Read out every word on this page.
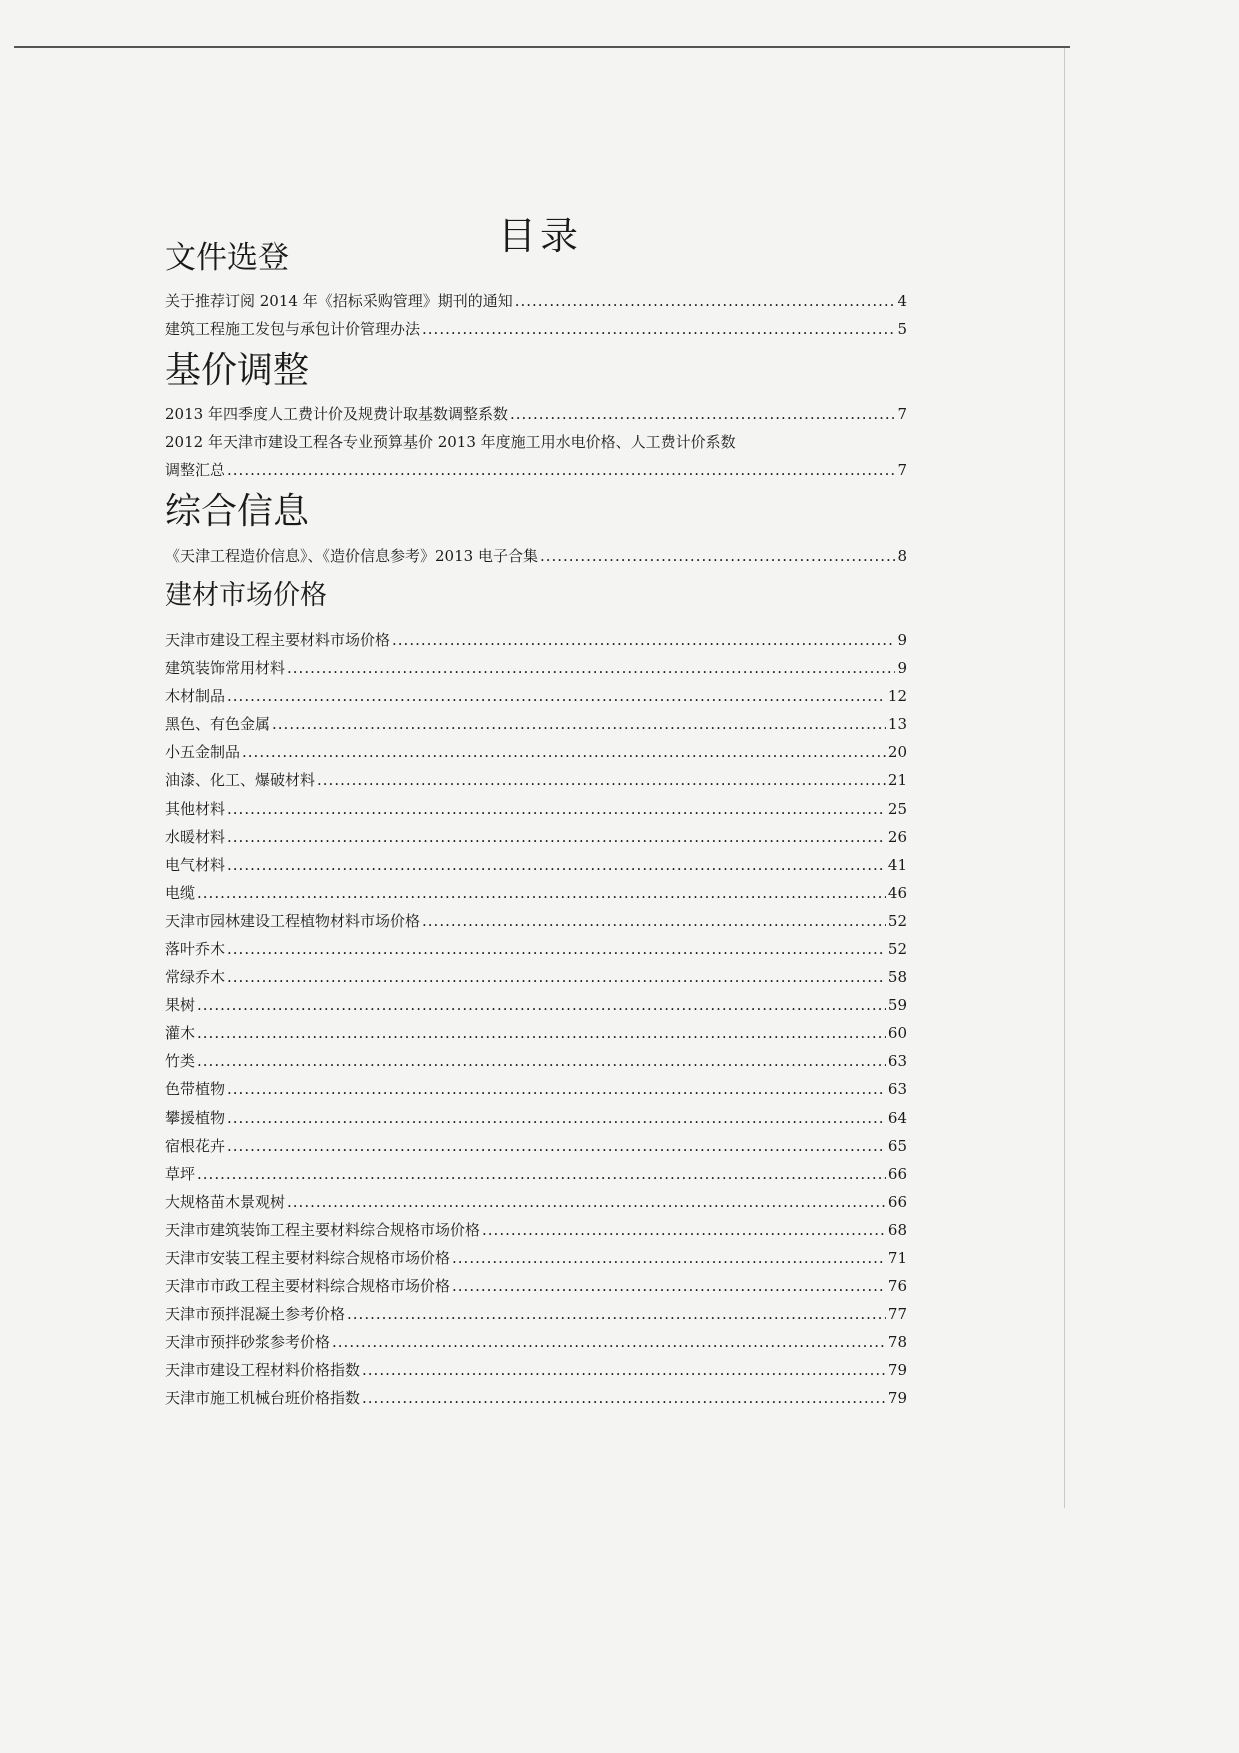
目录
文件选登
关于推荐订阅 2014 年《招标采购管理》期刊的通知 .....	4
建筑工程施工发包与承包计价管理办法 .....	5
基价调整
2013 年四季度人工费计价及规费计取基数调整系数 .....	7
2012 年天津市建设工程各专业预算基价 2013 年度施工用水电价格、人工费计价系数
调整汇总 .....	7
综合信息
《天津工程造价信息》、《造价信息参考》2013 电子合集 .....	8
建材市场价格
天津市建设工程主要材料市场价格 .....	9
建筑装饰常用材料 .....	9
木材制品 .....	12
黑色、有色金属 .....	13
小五金制品 .....	20
油漆、化工、爆破材料 .....	21
其他材料 .....	25
水暖材料 .....	26
电气材料 .....	41
电缆 .....	46
天津市园林建设工程植物材料市场价格 .....	52
落叶乔木 .....	52
常绿乔木 .....	58
果树 .....	59
灌木 .....	60
竹类 .....	63
色带植物 .....	63
攀援植物 .....	64
宿根花卉 .....	65
草坪 .....	66
大规格苗木景观树 .....	66
天津市建筑装饰工程主要材料综合规格市场价格 .....	68
天津市安装工程主要材料综合规格市场价格 .....	71
天津市市政工程主要材料综合规格市场价格 .....	76
天津市预拌混凝土参考价格 .....	77
天津市预拌砂浆参考价格 .....	78
天津市建设工程材料价格指数 .....	79
天津市施工机械台班价格指数 .....	79
